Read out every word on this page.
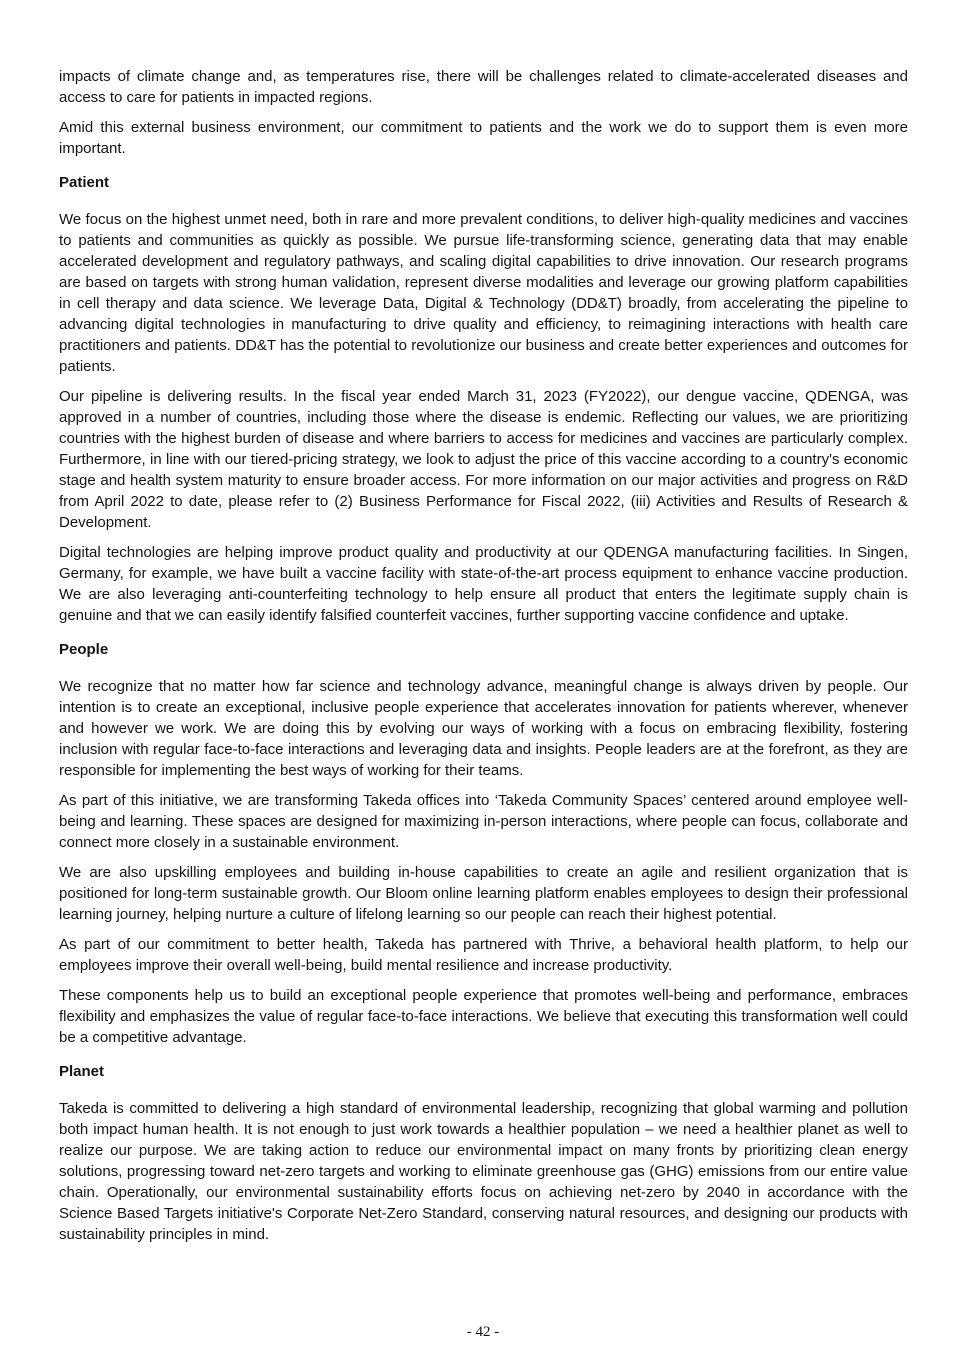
impacts of climate change and, as temperatures rise, there will be challenges related to climate-accelerated diseases and access to care for patients in impacted regions.

Amid this external business environment, our commitment to patients and the work we do to support them is even more important.

Patient

We focus on the highest unmet need, both in rare and more prevalent conditions, to deliver high-quality medicines and vaccines to patients and communities as quickly as possible. We pursue life-transforming science, generating data that may enable accelerated development and regulatory pathways, and scaling digital capabilities to drive innovation. Our research programs are based on targets with strong human validation, represent diverse modalities and leverage our growing platform capabilities in cell therapy and data science. We leverage Data, Digital & Technology (DD&T) broadly, from accelerating the pipeline to advancing digital technologies in manufacturing to drive quality and efficiency, to reimagining interactions with health care practitioners and patients. DD&T has the potential to revolutionize our business and create better experiences and outcomes for patients.

Our pipeline is delivering results. In the fiscal year ended March 31, 2023 (FY2022), our dengue vaccine, QDENGA, was approved in a number of countries, including those where the disease is endemic. Reflecting our values, we are prioritizing countries with the highest burden of disease and where barriers to access for medicines and vaccines are particularly complex. Furthermore, in line with our tiered-pricing strategy, we look to adjust the price of this vaccine according to a country's economic stage and health system maturity to ensure broader access. For more information on our major activities and progress on R&D from April 2022 to date, please refer to (2) Business Performance for Fiscal 2022, (iii) Activities and Results of Research & Development.

Digital technologies are helping improve product quality and productivity at our QDENGA manufacturing facilities. In Singen, Germany, for example, we have built a vaccine facility with state-of-the-art process equipment to enhance vaccine production. We are also leveraging anti-counterfeiting technology to help ensure all product that enters the legitimate supply chain is genuine and that we can easily identify falsified counterfeit vaccines, further supporting vaccine confidence and uptake.

People

We recognize that no matter how far science and technology advance, meaningful change is always driven by people. Our intention is to create an exceptional, inclusive people experience that accelerates innovation for patients wherever, whenever and however we work. We are doing this by evolving our ways of working with a focus on embracing flexibility, fostering inclusion with regular face-to-face interactions and leveraging data and insights. People leaders are at the forefront, as they are responsible for implementing the best ways of working for their teams.

As part of this initiative, we are transforming Takeda offices into ‘Takeda Community Spaces’ centered around employee well-being and learning. These spaces are designed for maximizing in-person interactions, where people can focus, collaborate and connect more closely in a sustainable environment.

We are also upskilling employees and building in-house capabilities to create an agile and resilient organization that is positioned for long-term sustainable growth. Our Bloom online learning platform enables employees to design their professional learning journey, helping nurture a culture of lifelong learning so our people can reach their highest potential.

As part of our commitment to better health, Takeda has partnered with Thrive, a behavioral health platform, to help our employees improve their overall well-being, build mental resilience and increase productivity.

These components help us to build an exceptional people experience that promotes well-being and performance, embraces flexibility and emphasizes the value of regular face-to-face interactions. We believe that executing this transformation well could be a competitive advantage.

Planet

Takeda is committed to delivering a high standard of environmental leadership, recognizing that global warming and pollution both impact human health. It is not enough to just work towards a healthier population – we need a healthier planet as well to realize our purpose. We are taking action to reduce our environmental impact on many fronts by prioritizing clean energy solutions, progressing toward net-zero targets and working to eliminate greenhouse gas (GHG) emissions from our entire value chain. Operationally, our environmental sustainability efforts focus on achieving net-zero by 2040 in accordance with the Science Based Targets initiative's Corporate Net-Zero Standard, conserving natural resources, and designing our products with sustainability principles in mind.

- 42 -
